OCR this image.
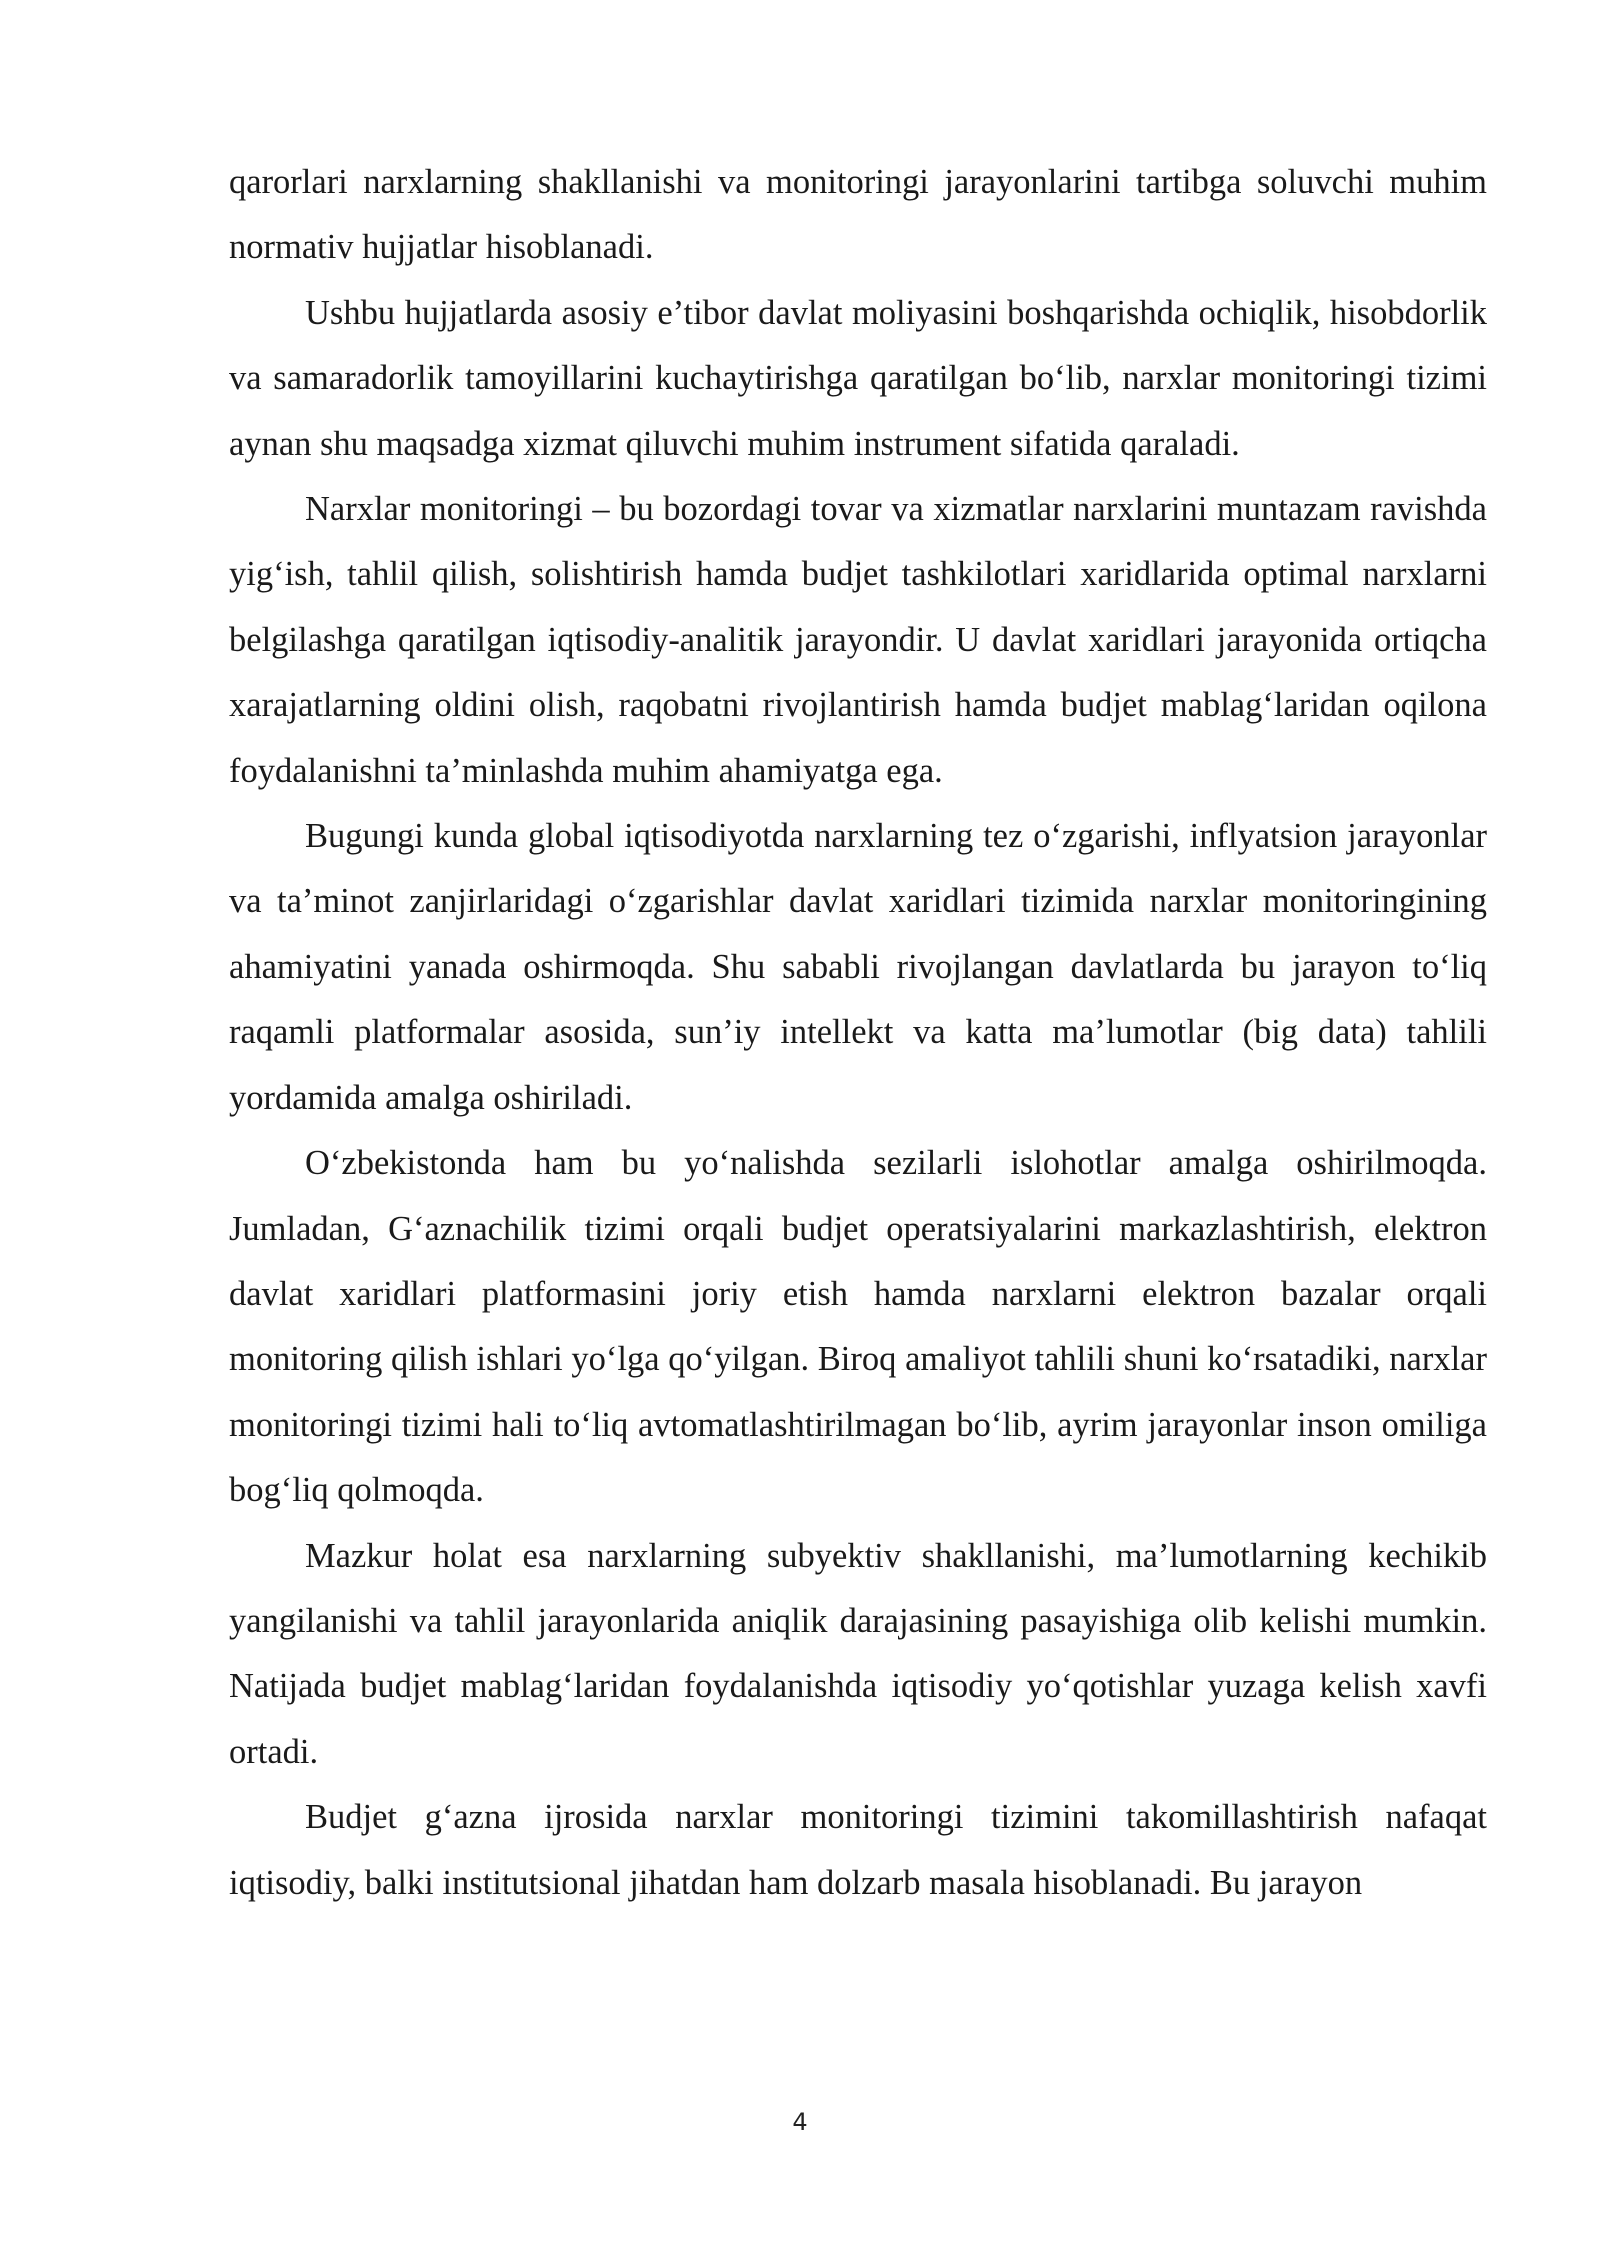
qarorlari narxlarning shakllanishi va monitoringi jarayonlarini tartibga soluvchi muhim normativ hujjatlar hisoblanadi.

Ushbu hujjatlarda asosiy e’tibor davlat moliyasini boshqarishda ochiqlik, hisobdorlik va samaradorlik tamoyillarini kuchaytirishga qaratilgan bo‘lib, narxlar monitoringi tizimi aynan shu maqsadga xizmat qiluvchi muhim instrument sifatida qaraladi.

Narxlar monitoringi – bu bozordagi tovar va xizmatlar narxlarini muntazam ravishda yig‘ish, tahlil qilish, solishtirish hamda budjet tashkilotlari xaridlarida optimal narxlarni belgilashga qaratilgan iqtisodiy-analitik jarayondir. U davlat xaridlari jarayonida ortiqcha xarajatlarning oldini olish, raqobatni rivojlantirish hamda budjet mablag‘laridan oqilona foydalanishni ta’minlashda muhim ahamiyatga ega.

Bugungi kunda global iqtisodiyotda narxlarning tez o‘zgarishi, inflyatsion jarayonlar va ta’minot zanjirlaridagi o‘zgarishlar davlat xaridlari tizimida narxlar monitoringining ahamiyatini yanada oshirmoqda. Shu sababli rivojlangan davlatlarda bu jarayon to‘liq raqamli platformalar asosida, sun’iy intellekt va katta ma’lumotlar (big data) tahlili yordamida amalga oshiriladi.

O‘zbekistonda ham bu yo‘nalishda sezilarli islohotlar amalga oshirilmoqda. Jumladan, G‘aznachilik tizimi orqali budjet operatsiyalarini markazlashtirish, elektron davlat xaridlari platformasini joriy etish hamda narxlarni elektron bazalar orqali monitoring qilish ishlari yo‘lga qo‘yilgan. Biroq amaliyot tahlili shuni ko‘rsatadiki, narxlar monitoringi tizimi hali to‘liq avtomatlashtirilmagan bo‘lib, ayrim jarayonlar inson omiliga bog‘liq qolmoqda.

Mazkur holat esa narxlarning subyektiv shakllanishi, ma’lumotlarning kechikib yangilanishi va tahlil jarayonlarida aniqlik darajasining pasayishiga olib kelishi mumkin. Natijada budjet mablag‘laridan foydalanishda iqtisodiy yo‘qotishlar yuzaga kelish xavfi ortadi.

Budjet g‘azna ijrosida narxlar monitoringi tizimini takomillashtirish nafaqat iqtisodiy, balki institutsional jihatdan ham dolzarb masala hisoblanadi. Bu jarayon

4
